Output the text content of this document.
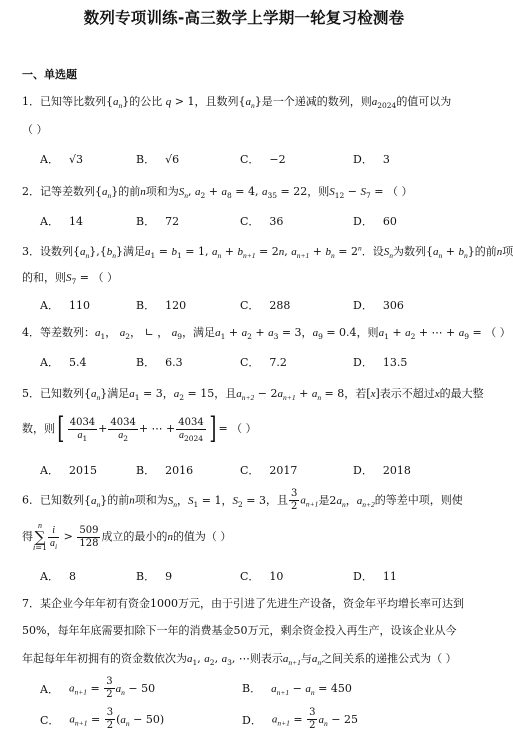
数列专项训练-高三数学上学期一轮复习检测卷
一、单选题
1．已知等比数列$\{a_n\}$的公比 q > 1，且数列$\{a_n\}$是一个递减的数列，则$a_{2024}$的值可以为
（ ）
A． √3	B． √6	C． −2	D． 3
2．记等差数列$\{a_n\}$的前n项和为$S_n$, $a_2 + a_8 = 4$, $a_{35} = 22$，则$S_{12} - S_7$ = （ ）
A． 14	B． 72	C． 36	D． 60
3．设数列$\{a_n\},\{b_n\}$满足$a_1 = b_1 = 1$, $a_n + b_{n+1} = 2n$, $a_{n+1} + b_n = 2^n$．设$S_n$为数列$\{a_n + b_n\}$的前n项
的和，则$S_7$ = （ ）
A． 110	B． 120	C． 288	D． 306
4．等差数列：$a_1$， $a_2$， ∟ ， $a_9$，满足$a_1 + a_2 + a_3 = 3$，$a_9 = 0.4$，则$a_1 + a_2$ + ⋯ + $a_9$ = （ ）
A． 5.4	B． 6.3	C． 7.2	D． 13.5
5．已知数列$\{a_n\}$满足$a_1 = 3$，$a_2 = 15$，且$a_{n+2} - 2a_{n+1} + a_n = 8$，若[x]表示不超过x的最大整
数，则[ $\frac{4034}{a_1} + \frac{4034}{a_2}$ + ⋯ + $\frac{4034}{a_{2024}}$ ] = （ ）
A． 2015	B． 2016	C． 2017	D． 2018
6．已知数列$\{a_n\}$的前n项和为$S_n$，$S_1 = 1$，$S_2 = 3$，且 $\frac{3}{2} a_{n+1}$是$2a_n$，$a_{n+2}$的等差中项，则使
得n
∑
$i=1 \frac{i}{a_i} > \frac{509}{128}$ 成立的最小的n的值为（ ）
A． 8	B． 9	C． 10	D． 11
7．某企业今年年初有资金1000万元，由于引进了先进生产设备，资金年平均增长率可达到
50%，每年年底需要扣除下一年的消费基金50万元，剩余资金投入再生产，设该企业从今
年起每年年初拥有的资金数依次为$a_1$, $a_2$, $a_3$, ⋯则表示$a_{n+1}$与$a_n$之间关系的递推公式为（ ）
A． $a_{n+1} = \frac{3}{2} a_n - 50$	B． $a_{n+1} - a_n = 450$
C． $a_{n+1} = \frac{3}{2} (a_n - 50)$	D． $a_{n+1} = \frac{3}{2} a_n - 25$
